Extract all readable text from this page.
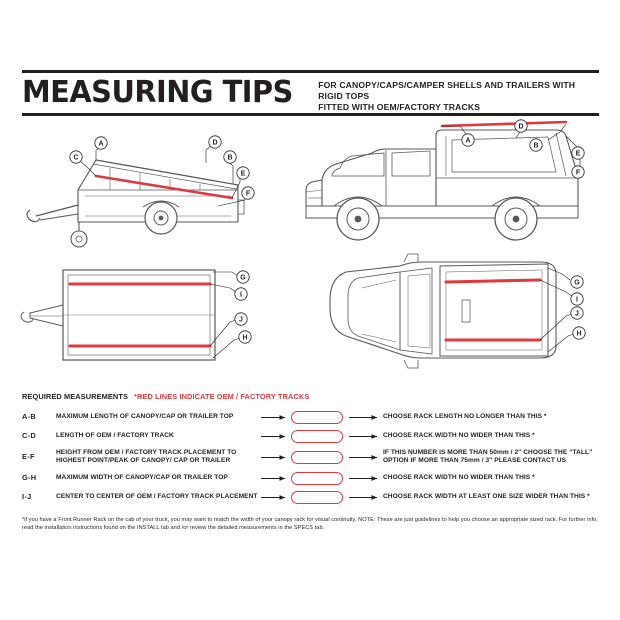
A
C
D
B
E
F
A
D
B
E
F
G
I
J
H
G
I
J
H
MEASURING TIPS	FOR CANOPY/CAPS/CAMPER SHELLS AND TRAILERS WITH RIGID TOPS
FITTED WITH OEM/FACTORY TRACKS
REQUIRED MEASUREMENTS *RED LINES INDICATE OEM / FACTORY TRACKS
A-B	MAXIMUM LENGTH OF CANOPY/CAP OR TRAILER TOP				CHOOSE RACK LENGTH NO LONGER THAN THIS *
C-D	LENGTH OF OEM / FACTORY TRACK				CHOOSE RACK WIDTH NO WIDER THAN THIS *
E-F	HEIGHT FROM OEM / FACTORY TRACK PLACEMENT TO HIGHEST POINT/PEAK OF CANOPY/ CAP OR TRAILER				IF THIS NUMBER IS MORE THAN 50mm / 2" CHOOSE THE “TALL” OPTION IF MORE THAN 75mm / 3" PLEASE CONTACT US
G-H	MAXIMUM WIDTH OF CANOPY/CAP OR TRAILER TOP				CHOOSE RACK WIDTH NO WIDER THAN THIS *
I-J	CENTER TO CENTER OF OEM / FACTORY TRACK PLACEMENT				CHOOSE RACK WIDTH AT LEAST ONE SIZE WIDER THAN THIS *
*if you have a Front Runner Rack on the cab of your truck, you may want to match the width of your canopy rack for visual continuity. NOTE: These are just guidelines to help you choose an appropriate sized rack. For further info, read the installation instructions found on the INSTALL tab and /or review the detailed measurements in the SPECS tab.
